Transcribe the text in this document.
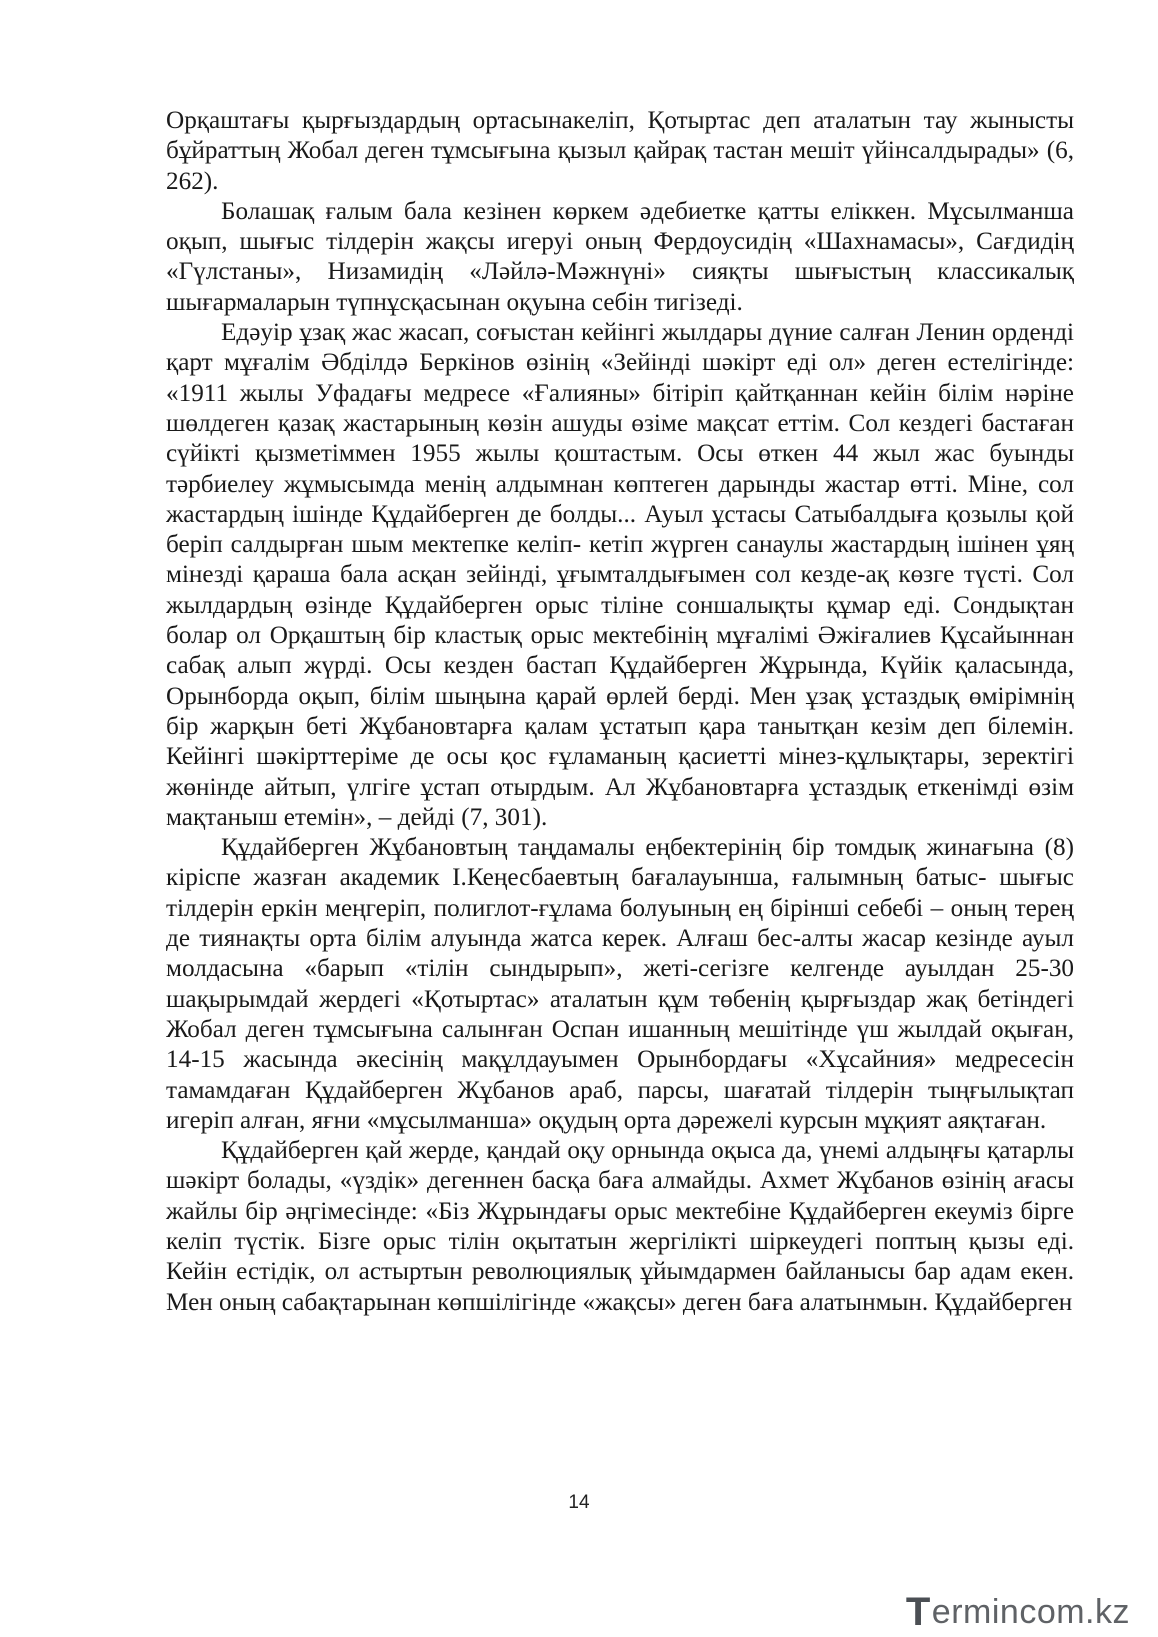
Орқаштағы қырғыздардың ортасынакеліп, Қотыртас деп аталатын тау жынысты бұйраттың Жобал деген тұмсығына қызыл қайрақ тастан мешіт үйінсалдырады» (6, 262).

Болашақ ғалым бала кезінен көркем әдебиетке қатты еліккен. Мұсылманша оқып, шығыс тілдерін жақсы игеруі оның Фердоусидің «Шахнамасы», Сағдидің «Гүлстаны», Низамидің «Ләйлә-Мәжнүні» сияқты шығыстың классикалық шығармаларын түпнұсқасынан оқуына себін тигізеді.

Едәуір ұзақ жас жасап, соғыстан кейінгі жылдары дүние салған Ленин орденді қарт мұғалім Әбділдә Беркінов өзінің «Зейінді шәкірт еді ол» деген естелігінде: «1911 жылы Уфадағы медресе «Ғалияны» бітіріп қайтқаннан кейін білім нәріне шөлдеген қазақ жастарының көзін ашуды өзіме мақсат еттім. Сол кездегі бастаған сүйікті қызметіммен 1955 жылы қоштастым. Осы өткен 44 жыл жас буынды тәрбиелеу жұмысымда менің алдымнан көптеген дарынды жастар өтті. Міне, сол жастардың ішінде Құдайберген де болды... Ауыл ұстасы Сатыбалдыға қозылы қой беріп салдырған шым мектепке келіп- кетіп жүрген санаулы жастардың ішінен ұяң мінезді қараша бала асқан зейінді, ұғымталдығымен сол кезде-ақ көзге түсті. Сол жылдардың өзінде Құдайберген орыс тіліне соншалықты құмар еді. Сондықтан болар ол Орқаштың бір кластық орыс мектебінің мұғалімі Әжіғалиев Құсайыннан сабақ алып жүрді. Осы кезден бастап Құдайберген Жұрында, Күйік қаласында, Орынборда оқып, білім шыңына қарай өрлей берді. Мен ұзақ ұстаздық өмірімнің бір жарқын беті Жұбановтарға қалам ұстатып қара танытқан кезім деп білемін. Кейінгі шәкірттеріме де осы қос ғұламаның қасиетті мінез-құлықтары, зеректігі жөнінде айтып, үлгіге ұстап отырдым. Ал Жұбановтарға ұстаздық еткенімді өзім мақтаныш етемін», – дейді (7, 301).

Құдайберген Жұбановтың таңдамалы еңбектерінің бір томдық жинағына (8) кіріспе жазған академик І.Кеңесбаевтың бағалауынша, ғалымның батыс- шығыс тілдерін еркін меңгеріп, полиглот-ғұлама болуының ең бірінші себебі – оның терең де тиянақты орта білім алуында жатса керек. Алғаш бес-алты жасар кезінде ауыл молдасына «барып «тілін сындырып», жеті-сегізге келгенде ауылдан 25-30 шақырымдай жердегі «Қотыртас» аталатын құм төбенің қырғыздар жақ бетіндегі Жобал деген тұмсығына салынған Оспан ишанның мешітінде үш жылдай оқыған, 14-15 жасында әкесінің мақұлдауымен Орынбордағы «Хұсайния» медресесін тамамдаған Құдайберген Жұбанов араб, парсы, шағатай тілдерін тыңғылықтап игеріп алған, яғни «мұсылманша» оқудың орта дәрежелі курсын мұқият аяқтаған.

Құдайберген қай жерде, қандай оқу орнында оқыса да, үнемі алдыңғы қатарлы шәкірт болады, «үздік» дегеннен басқа баға алмайды. Ахмет Жұбанов өзінің ағасы жайлы бір әңгімесінде: «Біз Жұрындағы орыс мектебіне Құдайберген екеуміз бірге келіп түстік. Бізге орыс тілін оқытатын жергілікті шіркеудегі поптың қызы еді. Кейін естідік, ол астыртын революциялық ұйымдармен байланысы бар адам екен. Мен оның сабақтарынан көпшілігінде «жақсы» деген баға алатынмын. Құдайберген

14
T ermincom.kz
